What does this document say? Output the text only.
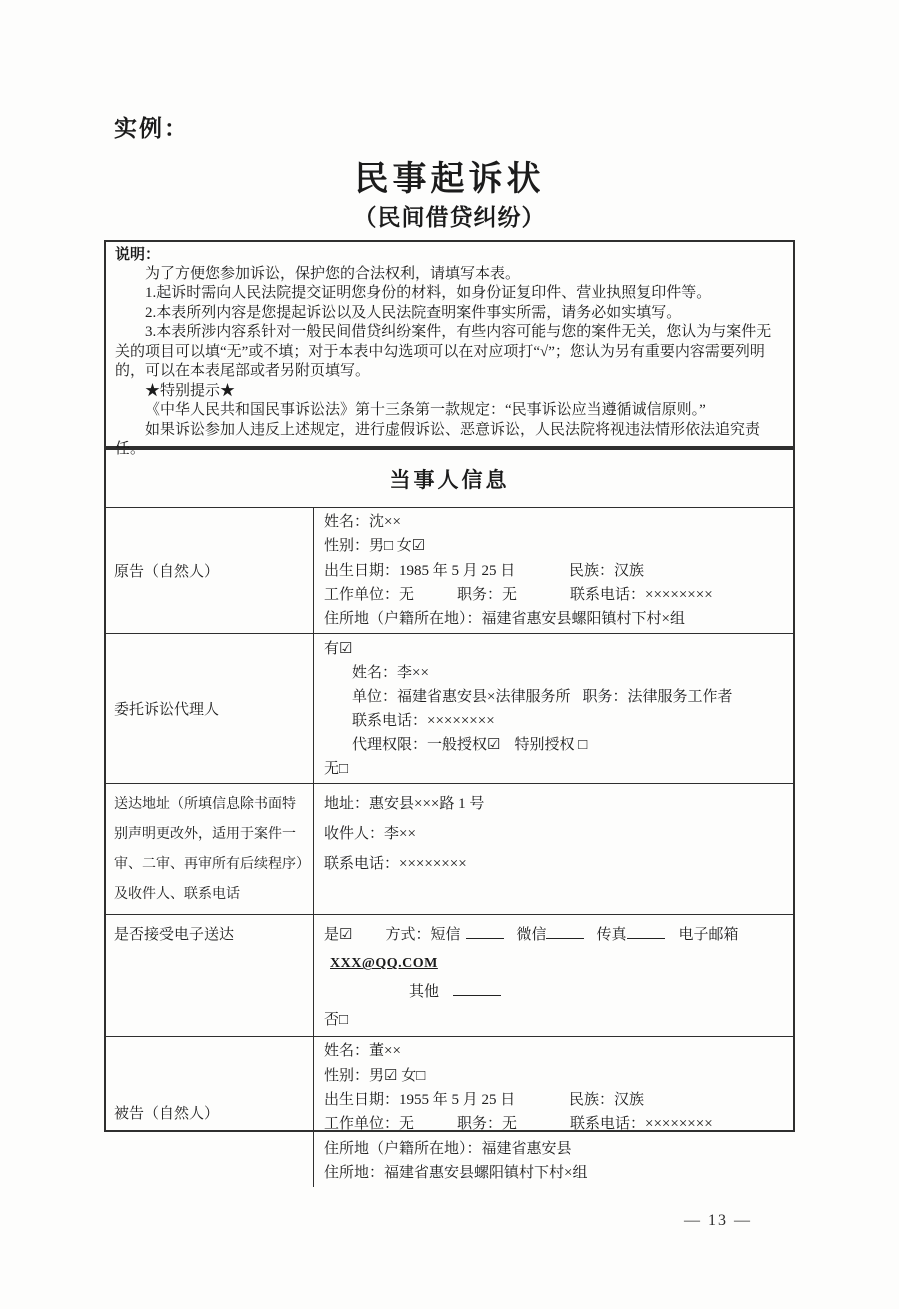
实例：
民事起诉状
（民间借贷纠纷）

说明：

为了方便您参加诉讼，保护您的合法权利，请填写本表。

1.起诉时需向人民法院提交证明您身份的材料，如身份证复印件、营业执照复印件等。

2.本表所列内容是您提起诉讼以及人民法院查明案件事实所需，请务必如实填写。

3.本表所涉内容系针对一般民间借贷纠纷案件，有些内容可能与您的案件无关，您认为与案件无关的项目可以填“无”或不填；对于本表中勾选项可以在对应项打“√”；您认为另有重要内容需要列明的，可以在本表尾部或者另附页填写。

★特别提示★

《中华人民共和国民事诉讼法》第十三条第一款规定：“民事诉讼应当遵循诚信原则。”

如果诉讼参加人违反上述规定，进行虚假诉讼、恶意诉讼，人民法院将视违法情形依法追究责任。

当事人信息
原告（自然人）
姓名：沈××
性别：男□ 女☑
出生日期：1985 年 5 月 25 日	民族：汉族
工作单位：无	职务：无	联系电话：××××××××
住所地（户籍所在地）：福建省惠安县螺阳镇村下村×组
委托诉讼代理人
有☑
姓名：李××
单位：福建省惠安县×法律服务所 职务：法律服务工作者
联系电话：××××××××
代理权限：一般授权☑ 特别授权 □
无□
送达地址（所填信息除书面特别声明更改外，适用于案件一审、二审、再审所有后续程序）及收件人、联系电话
地址：惠安县×××路 1 号
收件人：李××
联系电话：××××××××
是否接受电子送达	是☑ 方式：短信	微信	传真	电子邮箱XXX@QQ.COM
其他
否□
被告（自然人）
姓名：董××
性别：男☑ 女□
出生日期：1955 年 5 月 25 日	民族：汉族
工作单位：无	职务：无	联系电话：××××××××
住所地（户籍所在地）：福建省惠安县
住所地：福建省惠安县螺阳镇村下村×组
— 13 —
